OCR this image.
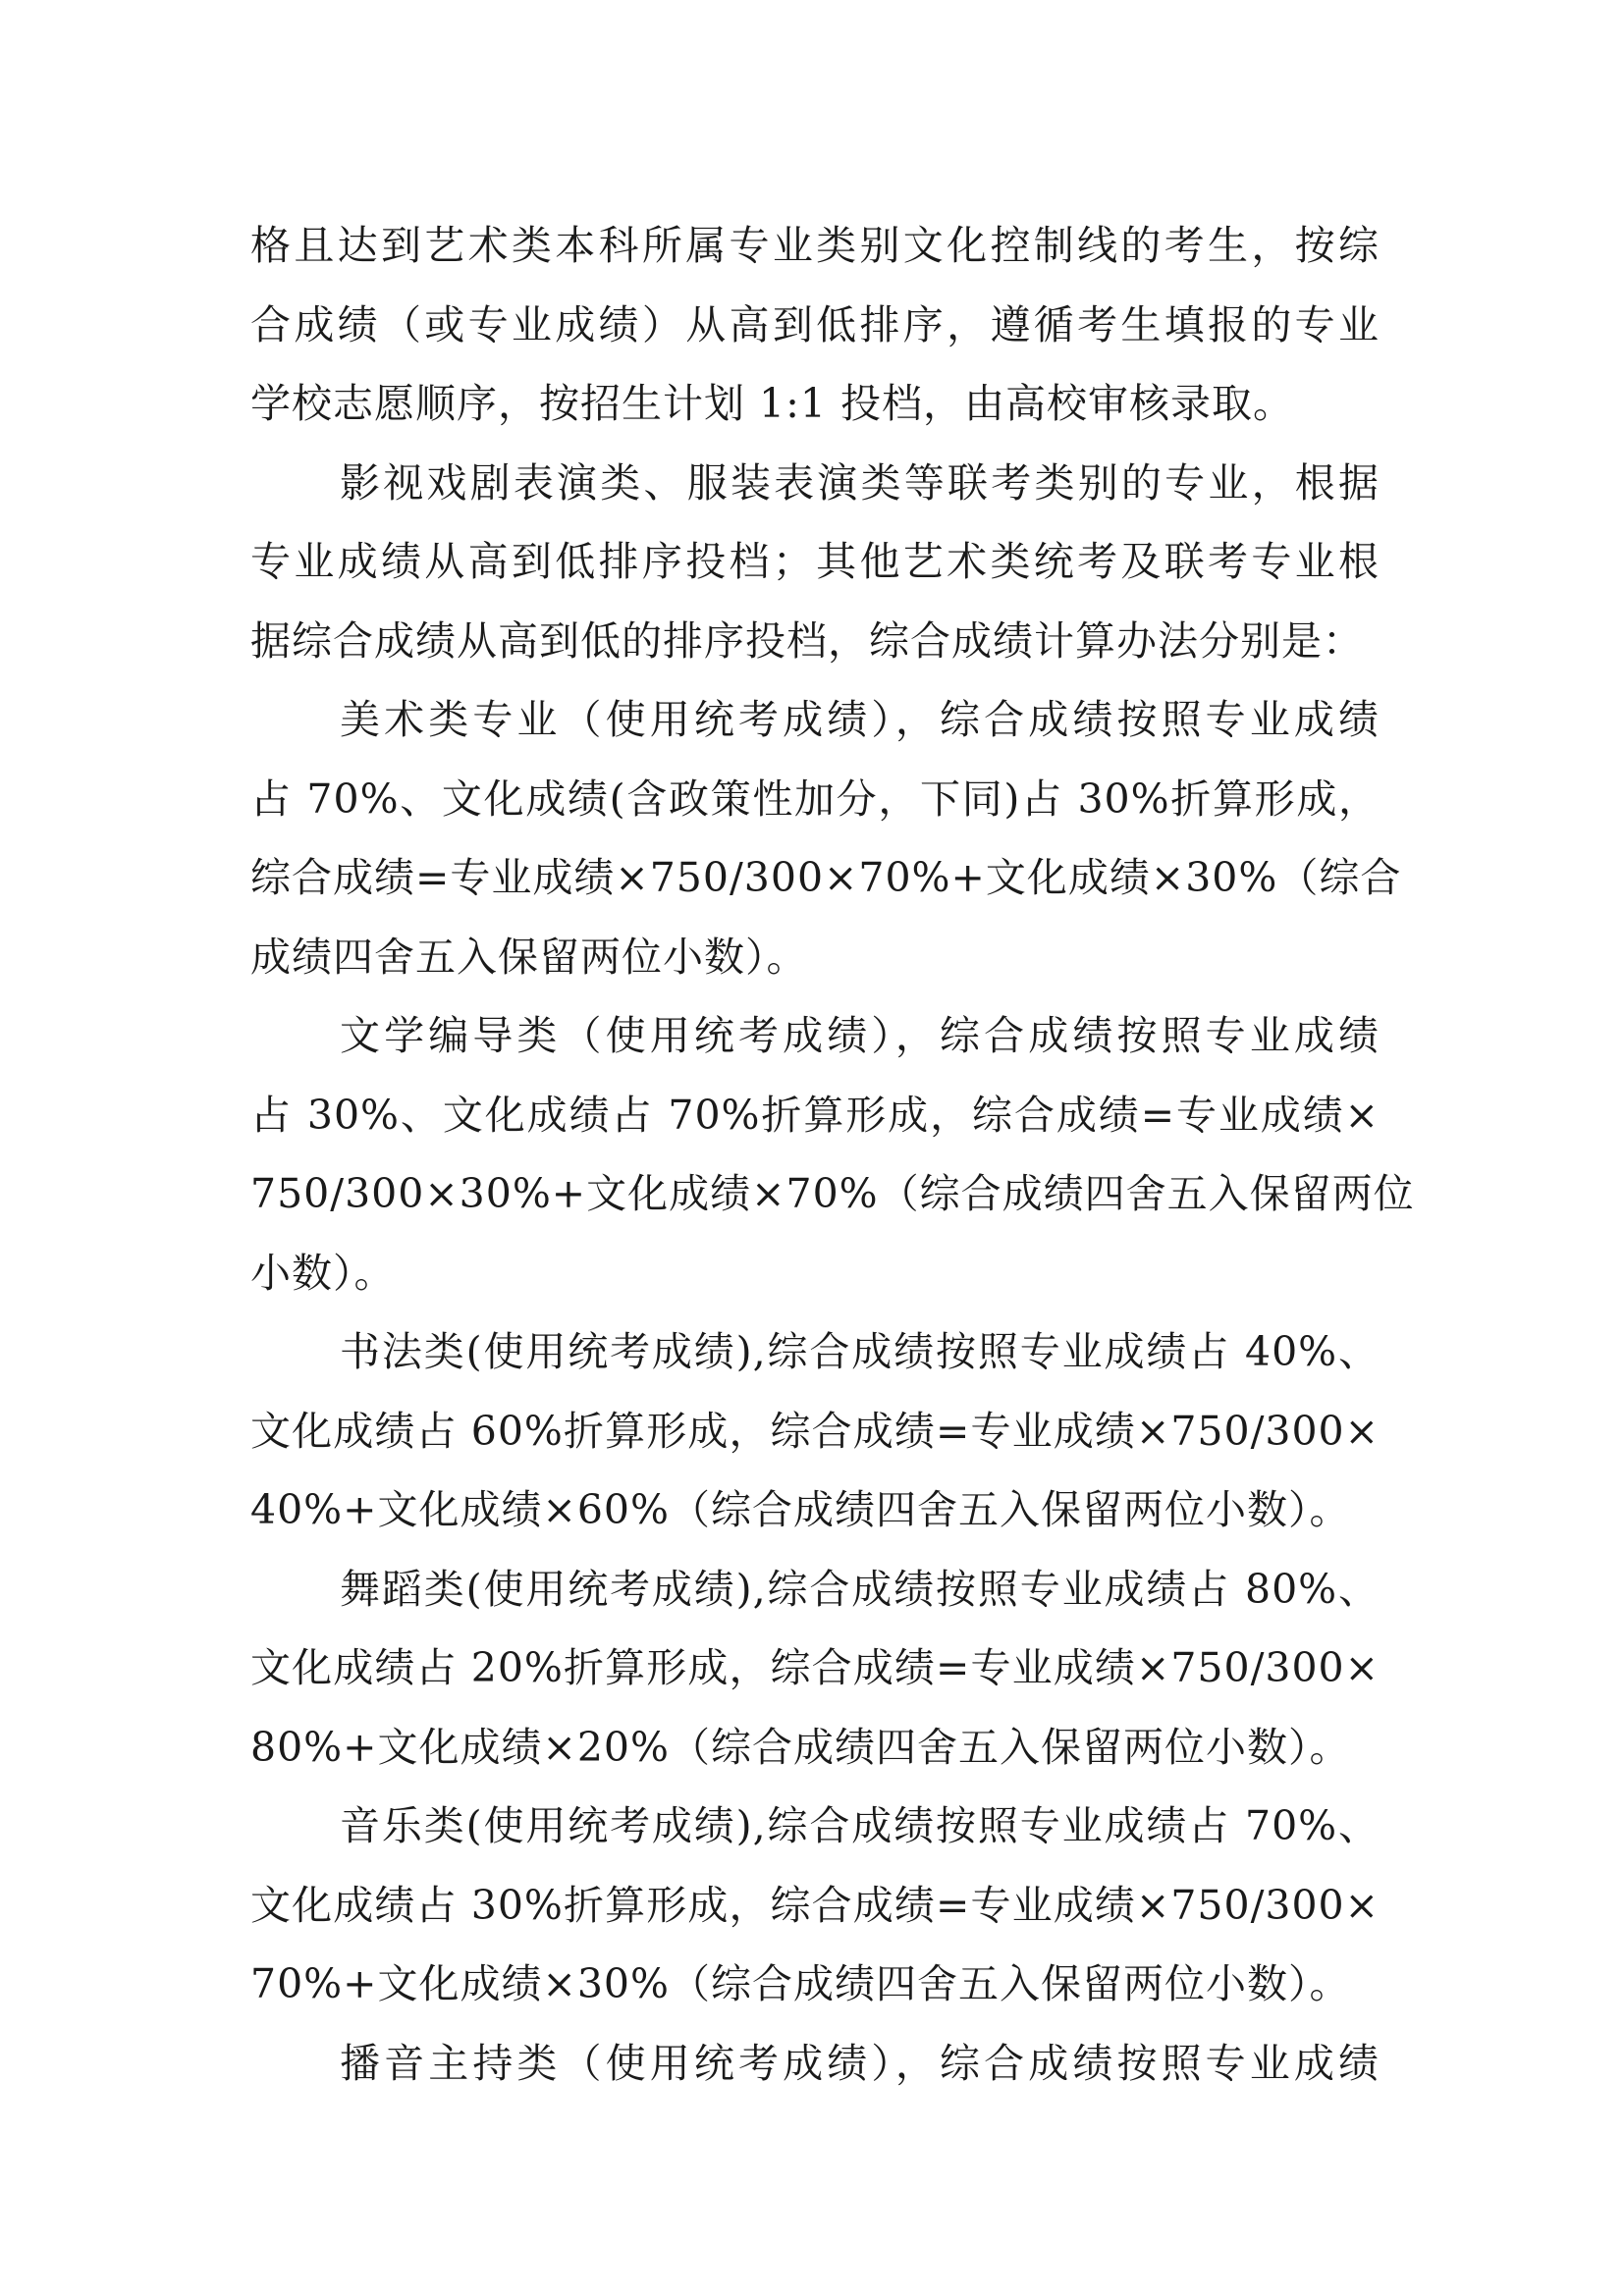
格且达到艺术类本科所属专业类别文化控制线的考生，按综
合成绩（或专业成绩）从高到低排序，遵循考生填报的专业
学校志愿顺序，按招生计划 1:1 投档，由高校审核录取。
影视戏剧表演类、服装表演类等联考类别的专业，根据
专业成绩从高到低排序投档；其他艺术类统考及联考专业根
据综合成绩从高到低的排序投档，综合成绩计算办法分别是：
美术类专业（使用统考成绩），综合成绩按照专业成绩
占 70%、文化成绩(含政策性加分，下同)占 30%折算形成，
综合成绩=专业成绩×750/300×70%+文化成绩×30%（综合
成绩四舍五入保留两位小数）。
文学编导类（使用统考成绩），综合成绩按照专业成绩
占 30%、文化成绩占 70%折算形成，综合成绩=专业成绩×
750/300×30%+文化成绩×70%（综合成绩四舍五入保留两位
小数）。
书法类(使用统考成绩),综合成绩按照专业成绩占 40%、
文化成绩占 60%折算形成，综合成绩=专业成绩×750/300×
40%+文化成绩×60%（综合成绩四舍五入保留两位小数）。
舞蹈类(使用统考成绩),综合成绩按照专业成绩占 80%、
文化成绩占 20%折算形成，综合成绩=专业成绩×750/300×
80%+文化成绩×20%（综合成绩四舍五入保留两位小数）。
音乐类(使用统考成绩),综合成绩按照专业成绩占 70%、
文化成绩占 30%折算形成，综合成绩=专业成绩×750/300×
70%+文化成绩×30%（综合成绩四舍五入保留两位小数）。
播音主持类（使用统考成绩），综合成绩按照专业成绩
